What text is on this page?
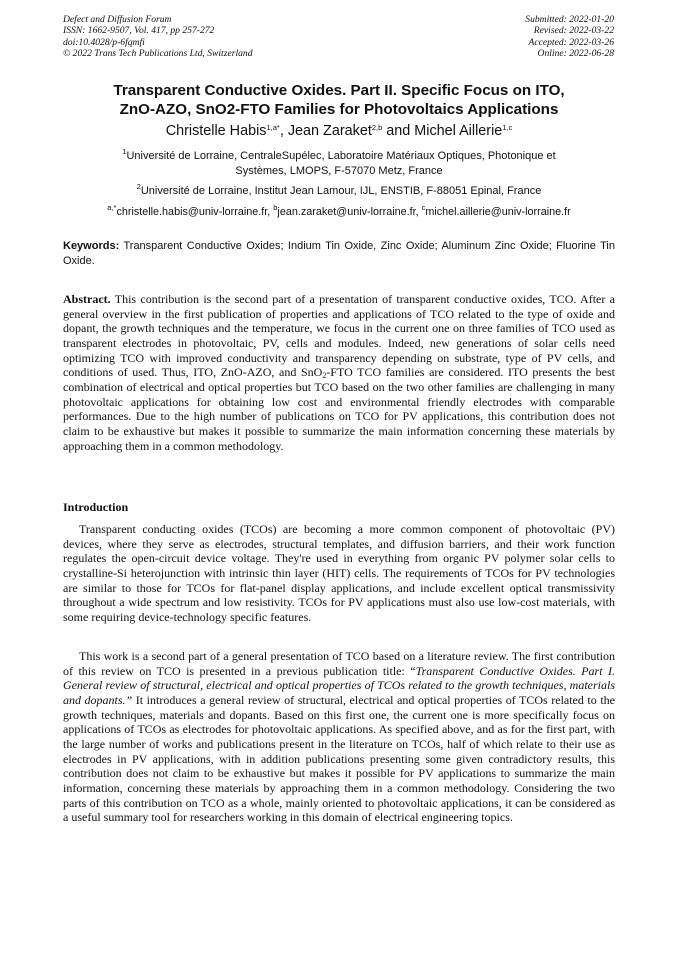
Defect and Diffusion Forum
ISSN: 1662-9507, Vol. 417, pp 257-272
doi:10.4028/p-6fqmfi
© 2022 Trans Tech Publications Ltd, Switzerland
Submitted: 2022-01-20
Revised: 2022-03-22
Accepted: 2022-03-26
Online: 2022-06-28
Transparent Conductive Oxides. Part II. Specific Focus on ITO,
ZnO-AZO, SnO2-FTO Families for Photovoltaics Applications
Christelle Habis$^{1,a*}$, Jean Zaraket$^{2,b}$ and Michel Aillerie$^{1,c}$
$^1$Université de Lorraine, CentraleSupélec, Laboratoire Matériaux Optiques, Photonique et
Systèmes, LMOPS, F-57070 Metz, France
$^2$Université de Lorraine, Institut Jean Lamour, IJL, ENSTIB, F-88051 Epinal, France
$^{a,*}$christelle.habis@univ-lorraine.fr, $^b$jean.zaraket@univ-lorraine.fr, $^c$michel.aillerie@univ-lorraine.fr
Keywords: Transparent Conductive Oxides; Indium Tin Oxide, Zinc Oxide; Aluminum Zinc Oxide; Fluorine Tin Oxide.
Abstract. This contribution is the second part of a presentation of transparent conductive oxides, TCO. After a general overview in the first publication of properties and applications of TCO related to the type of oxide and dopant, the growth techniques and the temperature, we focus in the current one on three families of TCO used as transparent electrodes in photovoltaic, PV, cells and modules. Indeed, new generations of solar cells need optimizing TCO with improved conductivity and transparency depending on substrate, type of PV cells, and conditions of used. Thus, ITO, ZnO-AZO, and SnO$_2$-FTO TCO families are considered. ITO presents the best combination of electrical and optical properties but TCO based on the two other families are challenging in many photovoltaic applications for obtaining low cost and environmental friendly electrodes with comparable performances. Due to the high number of publications on TCO for PV applications, this contribution does not claim to be exhaustive but makes it possible to summarize the main information concerning these materials by approaching them in a common methodology.
Introduction
Transparent conducting oxides (TCOs) are becoming a more common component of photovoltaic (PV) devices, where they serve as electrodes, structural templates, and diffusion barriers, and their work function regulates the open-circuit device voltage. They're used in everything from organic PV polymer solar cells to crystalline-Si heterojunction with intrinsic thin layer (HIT) cells. The requirements of TCOs for PV technologies are similar to those for TCOs for flat-panel display applications, and include excellent optical transmissivity throughout a wide spectrum and low resistivity. TCOs for PV applications must also use low-cost materials, with some requiring device-technology specific features.
This work is a second part of a general presentation of TCO based on a literature review. The first contribution of this review on TCO is presented in a previous publication title: “Transparent Conductive Oxides. Part I. General review of structural, electrical and optical properties of TCOs related to the growth techniques, materials and dopants.” It introduces a general review of structural, electrical and optical properties of TCOs related to the growth techniques, materials and dopants. Based on this first one, the current one is more specifically focus on applications of TCOs as electrodes for photovoltaic applications. As specified above, and as for the first part, with the large number of works and publications present in the literature on TCOs, half of which relate to their use as electrodes in PV applications, with in addition publications presenting some given contradictory results, this contribution does not claim to be exhaustive but makes it possible for PV applications to summarize the main information, concerning these materials by approaching them in a common methodology. Considering the two parts of this contribution on TCO as a whole, mainly oriented to photovoltaic applications, it can be considered as a useful summary tool for researchers working in this domain of electrical engineering topics.
